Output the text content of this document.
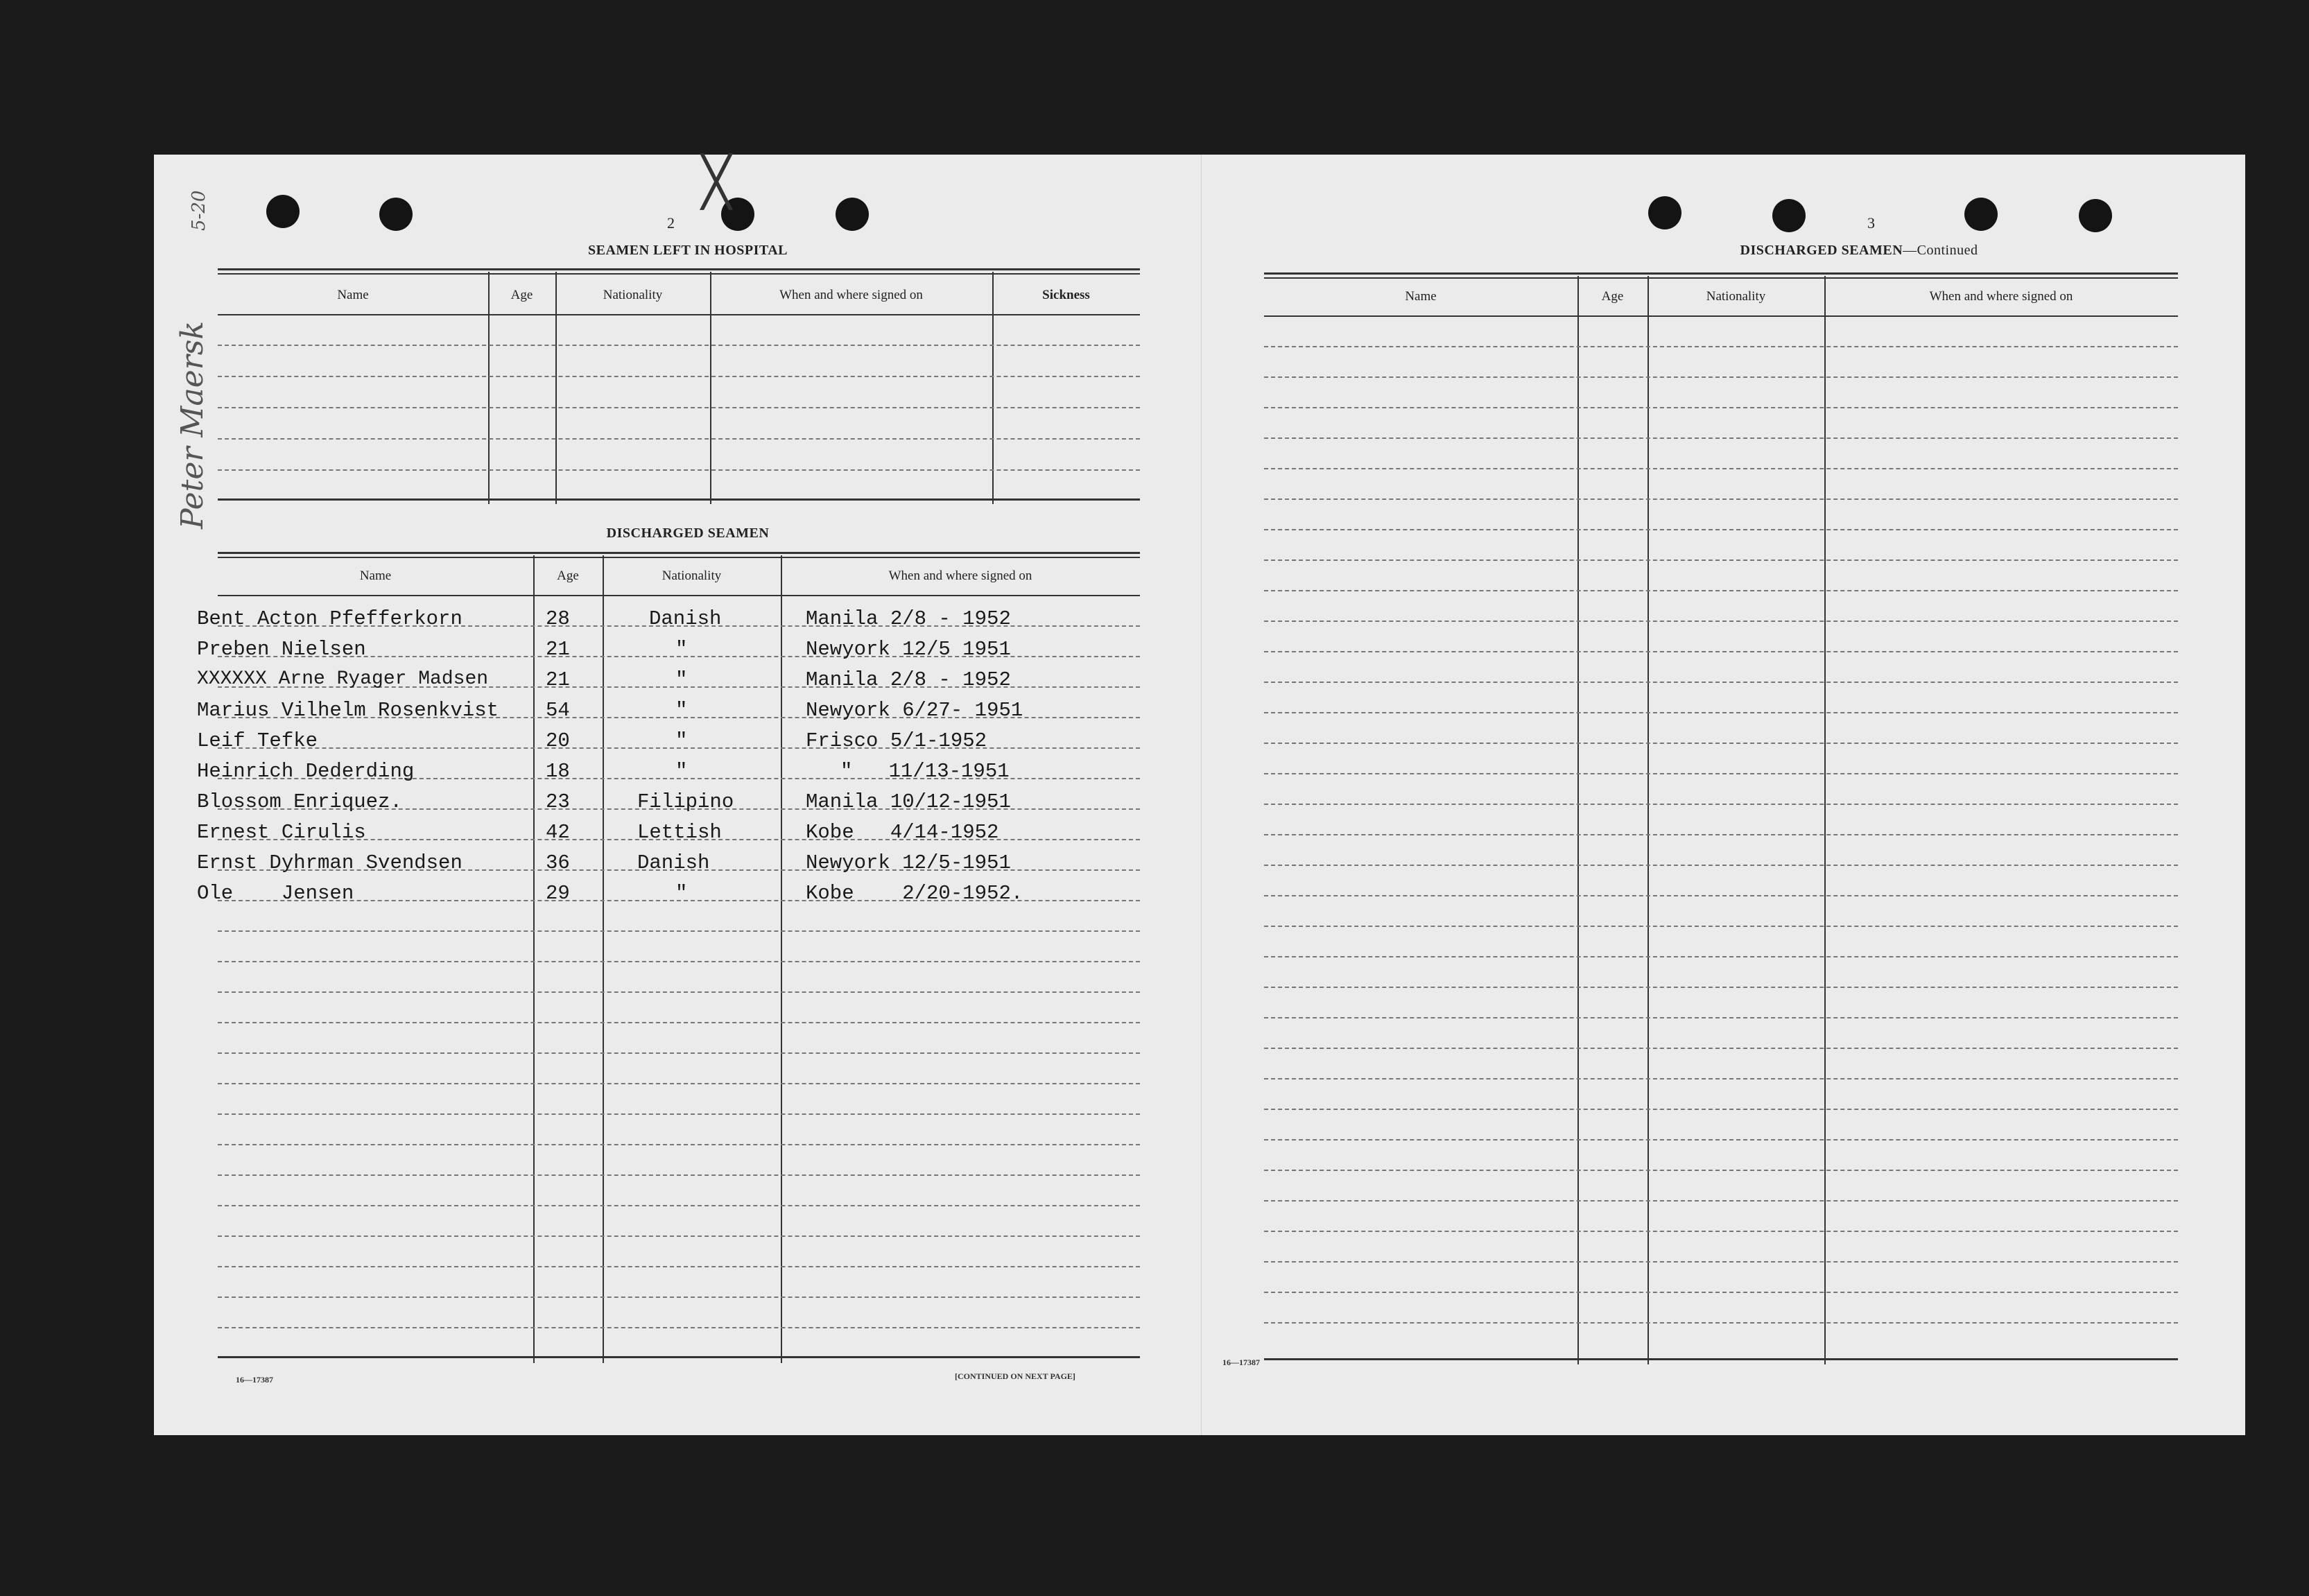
Peter Maersk
5-20
╳
2
SEAMEN LEFT IN HOSPITAL
Name	Age	Nationality	When and where signed on	Sickness
DISCHARGED SEAMEN
Name	Age	Nationality	When and where signed on
Bent Acton Pfefferkorn	28	Danish	Manila 2/8 - 1952
Preben Nielsen	21	"	Newyork 12/5 1951
XXXXXX Arne Ryager Madsen	21	"	Manila 2/8 - 1952
Marius Vilhelm Rosenkvist 54	"	Newyork 6/27- 1951
Leif Tefke	20	"	Frisco 5/1-1952
Heinrich Dederding	18	"	"   11/13-1951
Blossom Enriquez.	23	Filipino	Manila 10/12-1951
Ernest Cirulis	42	Lettish	Kobe   4/14-1952
Ernst Dyhrman Svendsen	36	Danish	Newyork 12/5-1951
Ole    Jensen	29	"	Kobe    2/20-1952.
16—17387	[CONTINUED ON NEXT PAGE]
3
DISCHARGED SEAMEN—Continued
Name	Age	Nationality	When and where signed on
16—17387
